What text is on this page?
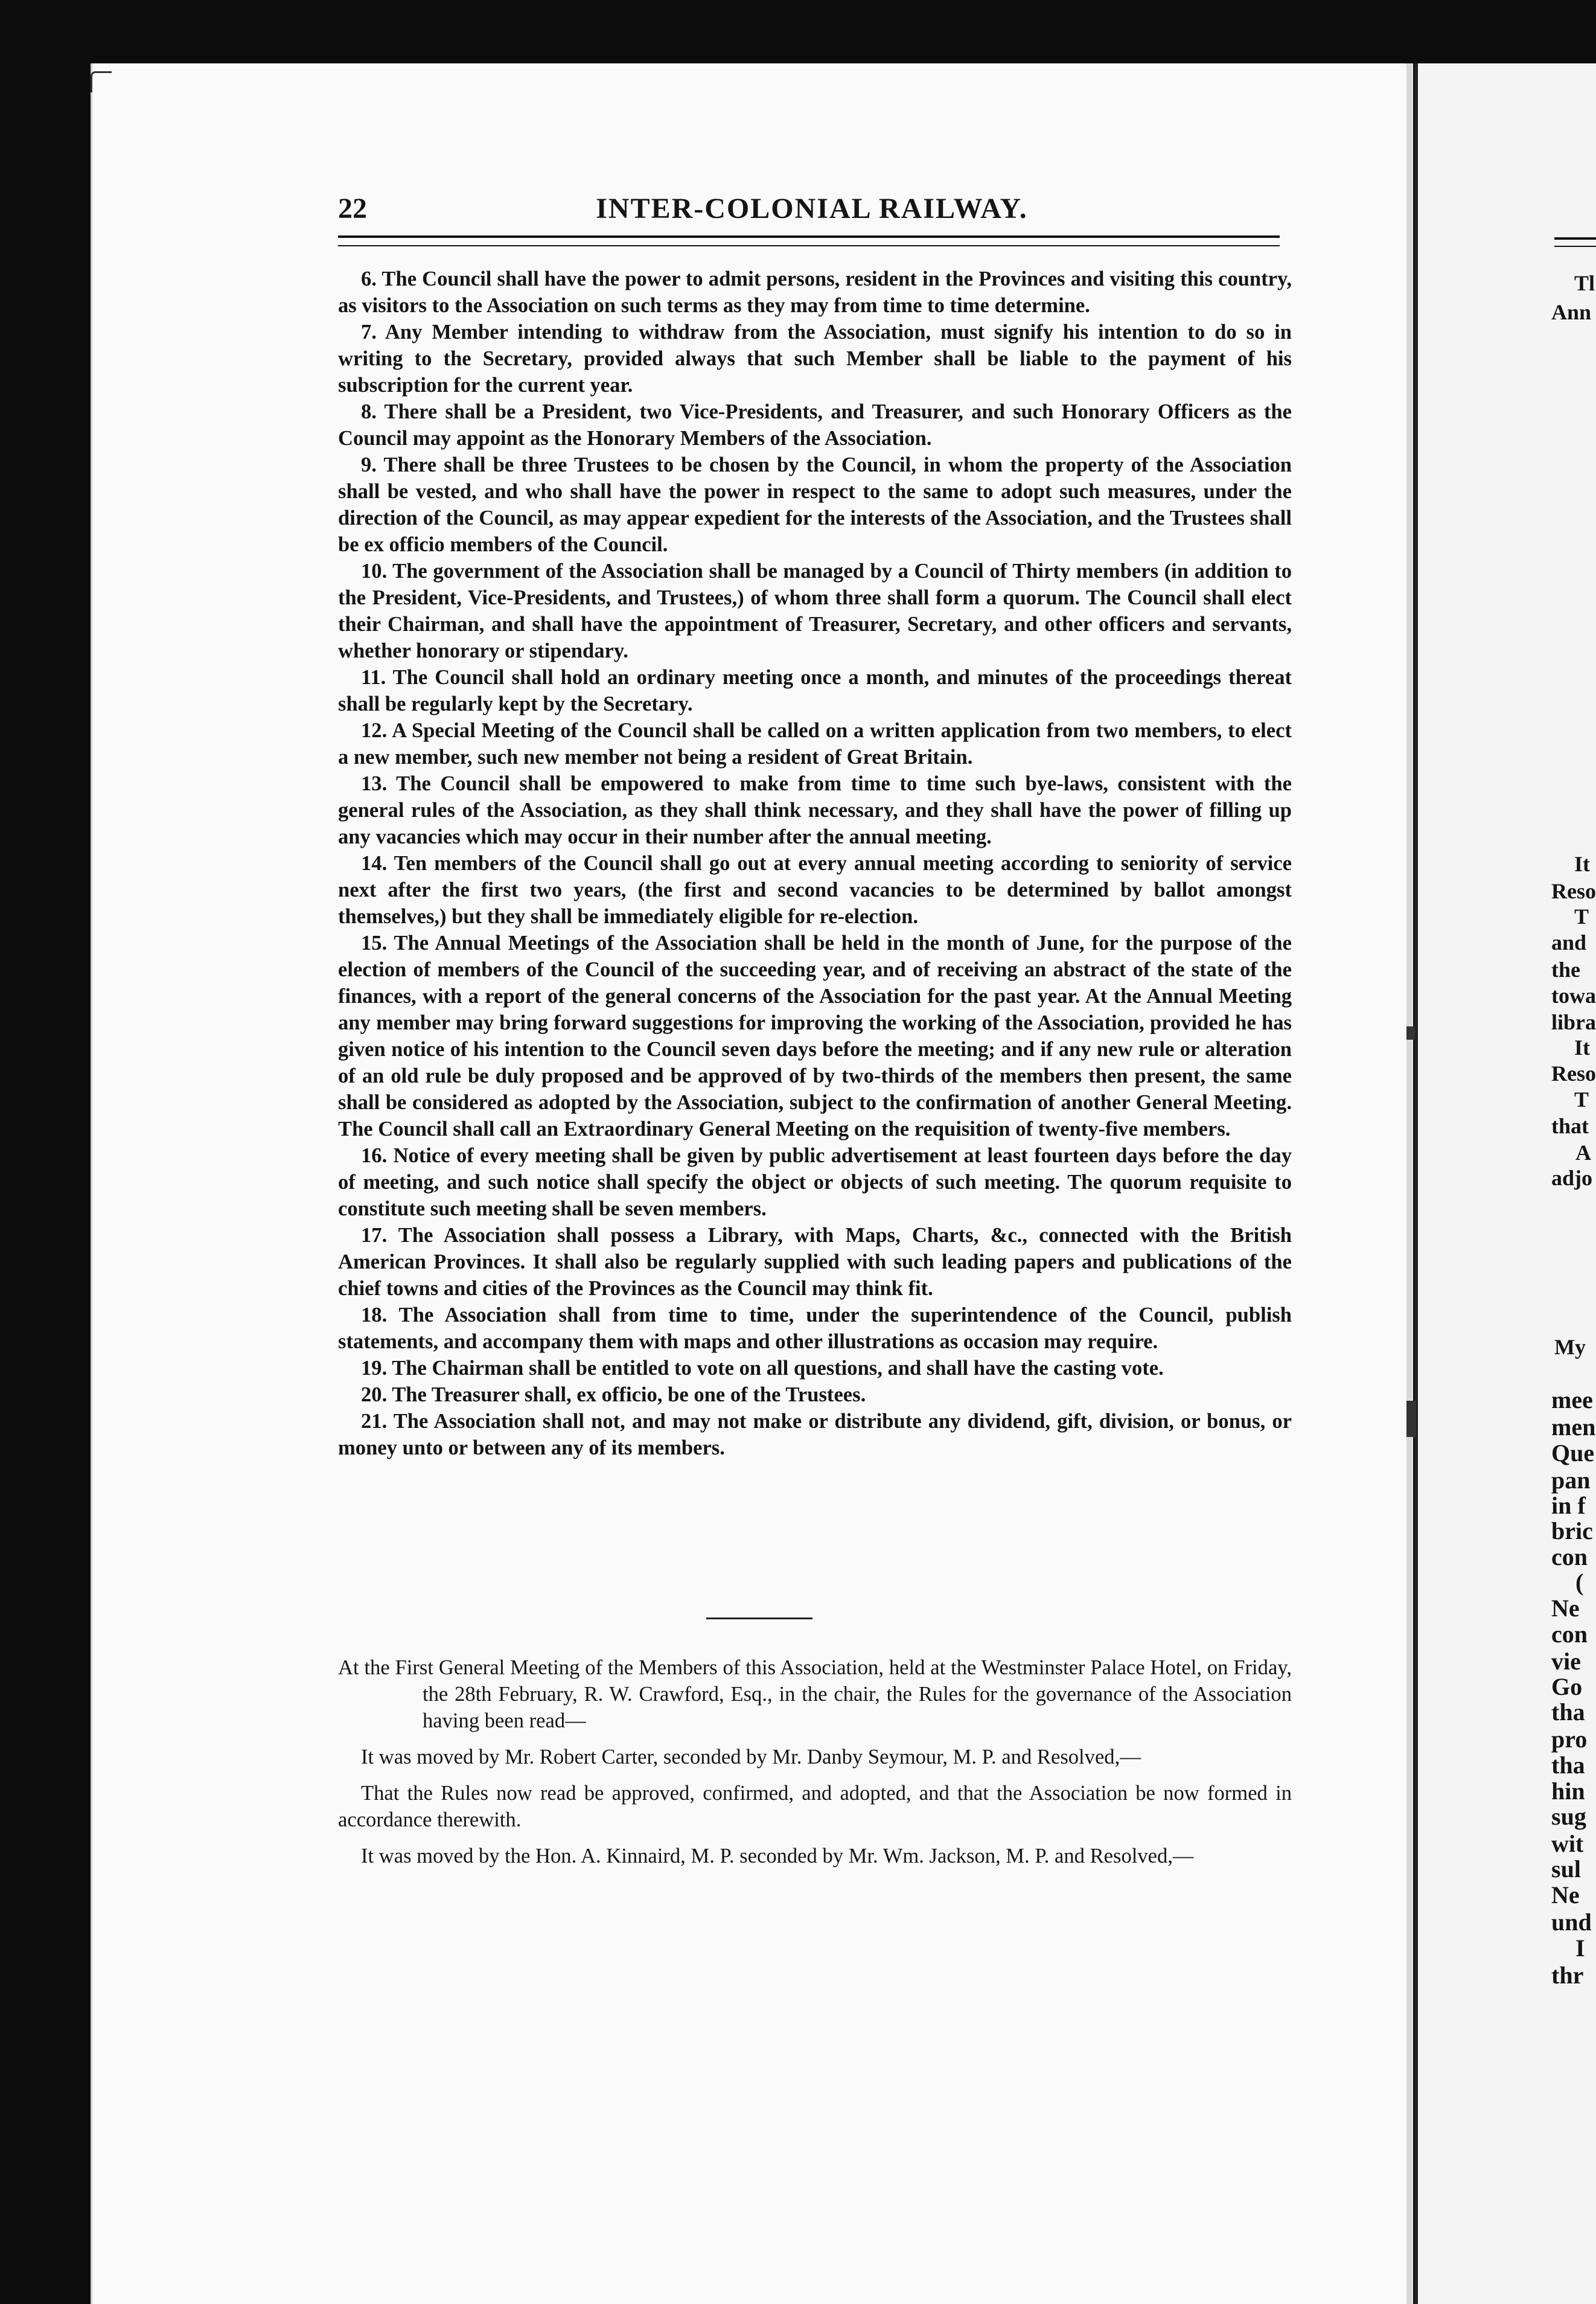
22	INTER-COLONIAL RAILWAY.

6. The Council shall have the power to admit persons, resident in the Provinces and visiting this country, as visitors to the Association on such terms as they may from time to time determine.

7. Any Member intending to withdraw from the Association, must signify his intention to do so in writing to the Secretary, provided always that such Member shall be liable to the payment of his subscription for the current year.

8. There shall be a President, two Vice-Presidents, and Treasurer, and such Honorary Officers as the Council may appoint as the Honorary Members of the Association.

9. There shall be three Trustees to be chosen by the Council, in whom the property of the Association shall be vested, and who shall have the power in respect to the same to adopt such measures, under the direction of the Council, as may appear expedient for the interests of the Association, and the Trustees shall be ex officio members of the Council.

10. The government of the Association shall be managed by a Council of Thirty members (in addition to the President, Vice-Presidents, and Trustees,) of whom three shall form a quorum. The Council shall elect their Chairman, and shall have the appointment of Treasurer, Secretary, and other officers and servants, whether honorary or stipendary.

11. The Council shall hold an ordinary meeting once a month, and minutes of the proceedings thereat shall be regularly kept by the Secretary.

12. A Special Meeting of the Council shall be called on a written application from two members, to elect a new member, such new member not being a resident of Great Britain.

13. The Council shall be empowered to make from time to time such bye-laws, consistent with the general rules of the Association, as they shall think necessary, and they shall have the power of filling up any vacancies which may occur in their number after the annual meeting.

14. Ten members of the Council shall go out at every annual meeting according to seniority of service next after the first two years, (the first and second vacancies to be determined by ballot amongst themselves,) but they shall be immediately eligible for re-election.

15. The Annual Meetings of the Association shall be held in the month of June, for the purpose of the election of members of the Council of the succeeding year, and of receiving an abstract of the state of the finances, with a report of the general concerns of the Association for the past year. At the Annual Meeting any member may bring forward suggestions for improving the working of the Association, provided he has given notice of his intention to the Council seven days before the meeting; and if any new rule or alteration of an old rule be duly proposed and be approved of by two-thirds of the members then present, the same shall be considered as adopted by the Association, subject to the confirmation of another General Meeting. The Council shall call an Extraordinary General Meeting on the requisition of twenty-five members.

16. Notice of every meeting shall be given by public advertisement at least fourteen days before the day of meeting, and such notice shall specify the object or objects of such meeting. The quorum requisite to constitute such meeting shall be seven members.

17. The Association shall possess a Library, with Maps, Charts, &c., connected with the British American Provinces. It shall also be regularly supplied with such leading papers and publications of the chief towns and cities of the Provinces as the Council may think fit.

18. The Association shall from time to time, under the superintendence of the Council, publish statements, and accompany them with maps and other illustrations as occasion may require.

19. The Chairman shall be entitled to vote on all questions, and shall have the casting vote.

20. The Treasurer shall, ex officio, be one of the Trustees.

21. The Association shall not, and may not make or distribute any dividend, gift, division, or bonus, or money unto or between any of its members.

At the First General Meeting of the Members of this Association, held at the Westminster Palace Hotel, on Friday, the 28th February, R. W. Crawford, Esq., in the chair, the Rules for the governance of the Association having been read—

It was moved by Mr. Robert Carter, seconded by Mr. Danby Seymour, M. P. and Resolved,—

That the Rules now read be approved, confirmed, and adopted, and that the Association be now formed in accordance therewith.

It was moved by the Hon. A. Kinnaird, M. P. seconded by Mr. Wm. Jackson, M. P. and Resolved,—

Tl
Ann
It
Reso
T
and
the
towa
libra
It
Reso
T
that
A
adjo
My
mee
men
Que
pan
in f
bric
con
(
Ne
con
vie
Go
tha
pro
tha
hin
sug
wit
sul
Ne
und
I
thr
